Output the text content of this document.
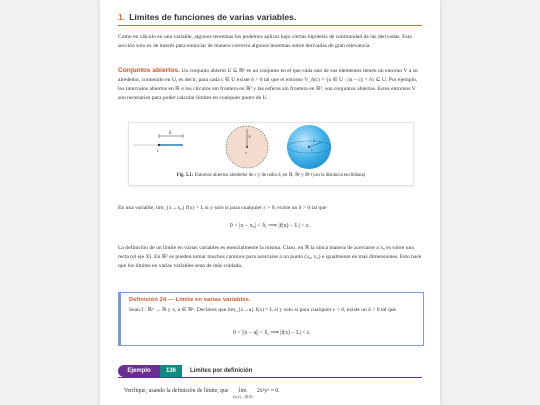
1. Límites de funciones de varias variables.

Como en cálculo en una variable, algunos teoremas los podemos aplicar bajo ciertas hipótesis de continuidad de las derivadas. Esta sección solo es de interés para enunciar de manera correcta algunos teoremas sobre derivadas de gran relevancia.

Conjuntos abiertos. Un conjunto abierto U ⊆ ℝⁿ es un conjunto en el que cada uno de sus elementos tienen un entorno V a su alrededor, contenido en U, es decir, para cada c ∈ U existe δ > 0 tal que el entorno V_δ(c) = {u ∈ U : ||u − c|| < δ} ⊆ U. Por ejemplo, los intervalos abiertos en ℝ o los círculos sin frontera en ℝ² y las esferas sin frontera en ℝ³, son conjuntos abiertos. Estos entornos V son necesarios para poder calcular límites en cualquier punto de U.

δ
c
δ
c
δ
c
Fig. 5.1: Entornos abiertos alrededor de c y de radio δ, en ℝ, ℝ² y ℝ³ (con la distancia euclidiana)

En una variable, lim_{x→x₀} f(x) = L si y solo si para cualquier ε > 0, existe un δ > 0 tal que

0 < |x − x₀| < δ, ⟹ |f(x) − L| < ε.

La definición de un límite en varias variables es esencialmente la misma. Claro, en ℝ la única manera de acercarse a x₀ es sobre una recta (el eje X). En ℝ² se pueden tomar muchos caminos para acercarse a un punto (x₀, y₀) e igualmente en más dimensiones. Esto hace que los límites en varias variables sean de más cuidado.

Definición 24 — Límite en varias variables.
Sean f : ℝⁿ → ℝ y x, a ∈ ℝⁿ. Decimos que lim_{x→a} f(x) = L si y solo si para cualquier ε > 0, existe un δ > 0 tal que
0 < ||x − a|| < δ, ⟹ |f(x) − L| < ε.
Ejemplo	136	Límites por definición
Verifique, usando la definición de límite, que lim
(x,y)→(0,0) 2x²y² = 0.
